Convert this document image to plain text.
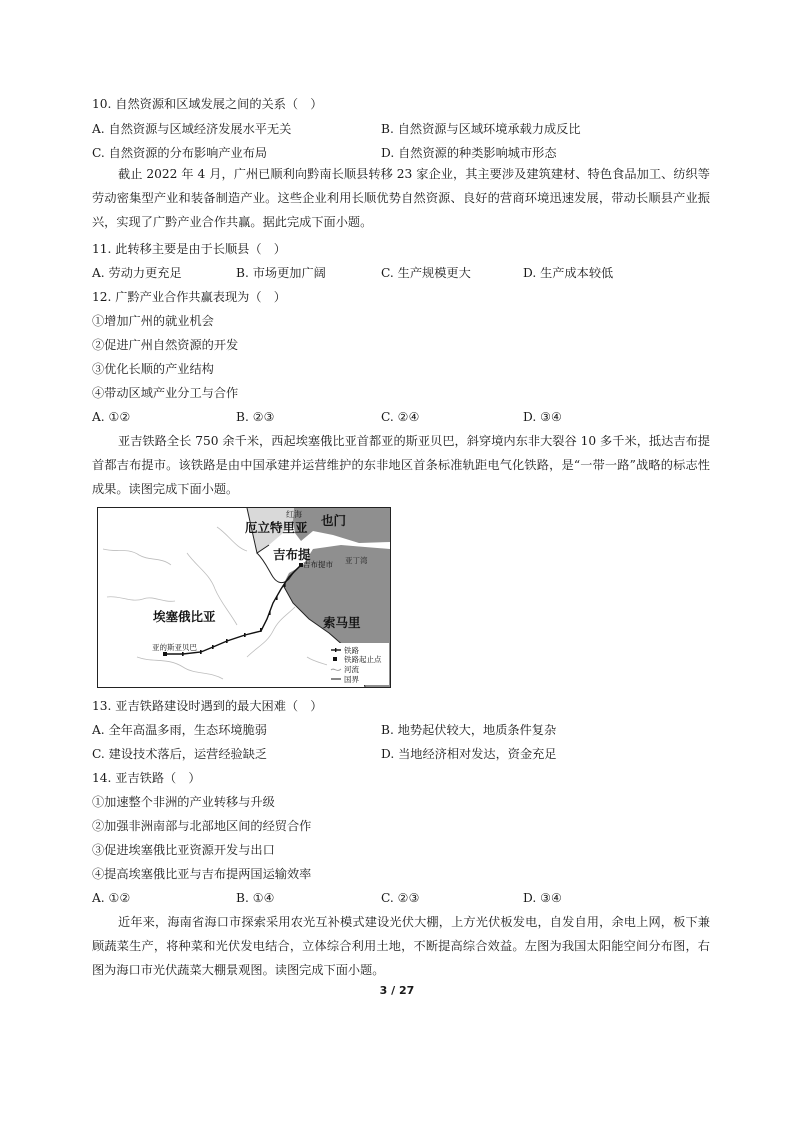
10. 自然资源和区域发展之间的关系（　）
A. 自然资源与区域经济发展水平无关	B. 自然资源与区域环境承载力成反比
C. 自然资源的分布影响产业布局	D. 自然资源的种类影响城市形态
截止 2022 年 4 月，广州已顺利向黔南长顺县转移 23 家企业，其主要涉及建筑建材、特色食品加工、纺织等劳动密集型产业和装备制造产业。这些企业利用长顺优势自然资源、良好的营商环境迅速发展，带动长顺县产业振兴，实现了广黔产业合作共赢。据此完成下面小题。
11. 此转移主要是由于长顺县（　）
A. 劳动力更充足	B. 市场更加广阔	C. 生产规模更大	D. 生产成本较低
12. 广黔产业合作共赢表现为（　）
①增加广州的就业机会
②促进广州自然资源的开发
③优化长顺的产业结构
④带动区域产业分工与合作
A. ①②	B. ②③	C. ②④	D. ③④
亚吉铁路全长 750 余千米，西起埃塞俄比亚首都亚的斯亚贝巴，斜穿境内东非大裂谷 10 多千米，抵达吉布提首都吉布提市。该铁路是由中国承建并运营维护的东非地区首条标准轨距电气化铁路，是“一带一路”战略的标志性成果。读图完成下面小题。
红海
厄立特里亚 也门
吉布提
吉布提市 亚丁湾
埃塞俄比亚
亚的斯亚贝巴
索马里
铁路
铁路起止点
河流
国界
13. 亚吉铁路建设时遇到的最大困难（　）
A. 全年高温多雨，生态环境脆弱	B. 地势起伏较大，地质条件复杂
C. 建设技术落后，运营经验缺乏	D. 当地经济相对发达，资金充足
14. 亚吉铁路（　）
①加速整个非洲的产业转移与升级
②加强非洲南部与北部地区间的经贸合作
③促进埃塞俄比亚资源开发与出口
④提高埃塞俄比亚与吉布提两国运输效率
A. ①②	B. ①④	C. ②③	D. ③④
近年来，海南省海口市探索采用农光互补模式建设光伏大棚，上方光伏板发电，自发自用，余电上网，板下兼顾蔬菜生产，将种菜和光伏发电结合，立体综合利用土地，不断提高综合效益。左图为我国太阳能空间分布图，右图为海口市光伏蔬菜大棚景观图。读图完成下面小题。
3 / 27
